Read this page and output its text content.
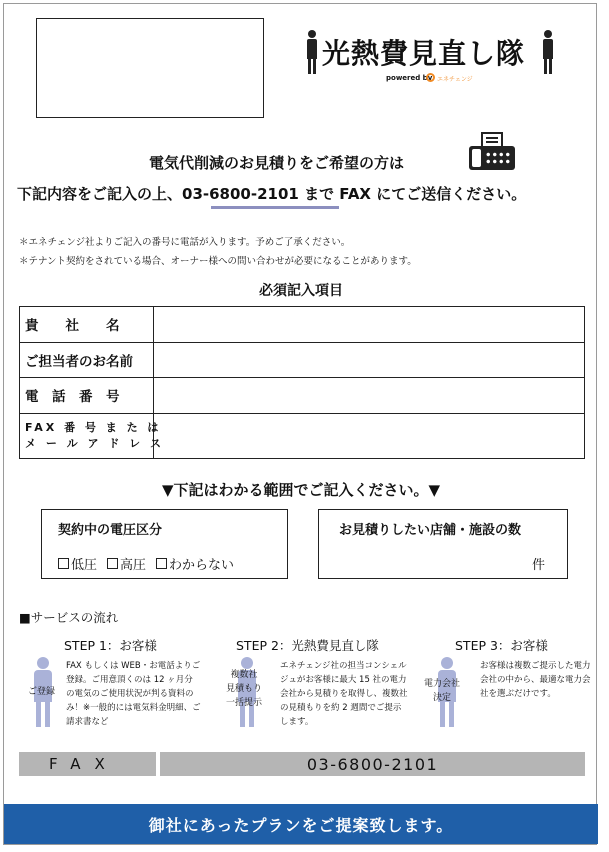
光熱費見直し隊
powered by エネチェンジ
電気代削減のお見積りをご希望の方は
下記内容をご記入の上、03-6800-2101 まで FAX にてご送信ください。
＊エネチェンジ社よりご記入の番号に電話が入ります。予めご了承ください。
＊テナント契約をされている場合、オーナー様への問い合わせが必要になることがあります。
必須記入項目
貴　　社　　名
ご担当者のお名前
電　話　番　号
FAX 番 号 ま た は
メ ー ル ア ド レ ス
▼下記はわかる範囲でご記入ください。▼
契約中の電圧区分
低圧 高圧 わからない
お見積りしたい店舗・施設の数
件
■サービスの流れ
STEP 1：お客様
ご登録
FAX もしくは WEB・お電話よりご登録。ご用意頂くのは 12 ヶ月分の電気のご使用状況が判る資料のみ！※一般的には電気料金明細、ご請求書など
STEP 2：光熱費見直し隊
複数社
見積もり
一括提示
エネチェンジ社の担当コンシェルジュがお客様に最大 15 社の電力会社から見積りを取得し、複数社の見積もりを約 2 週間でご提示します。
STEP 3：お客様
電力会社
決定
お客様は複数ご提示した電力会社の中から、最適な電力会社を選ぶだけです。
FAX	03-6800-2101
御社にあったプランをご提案致します。
